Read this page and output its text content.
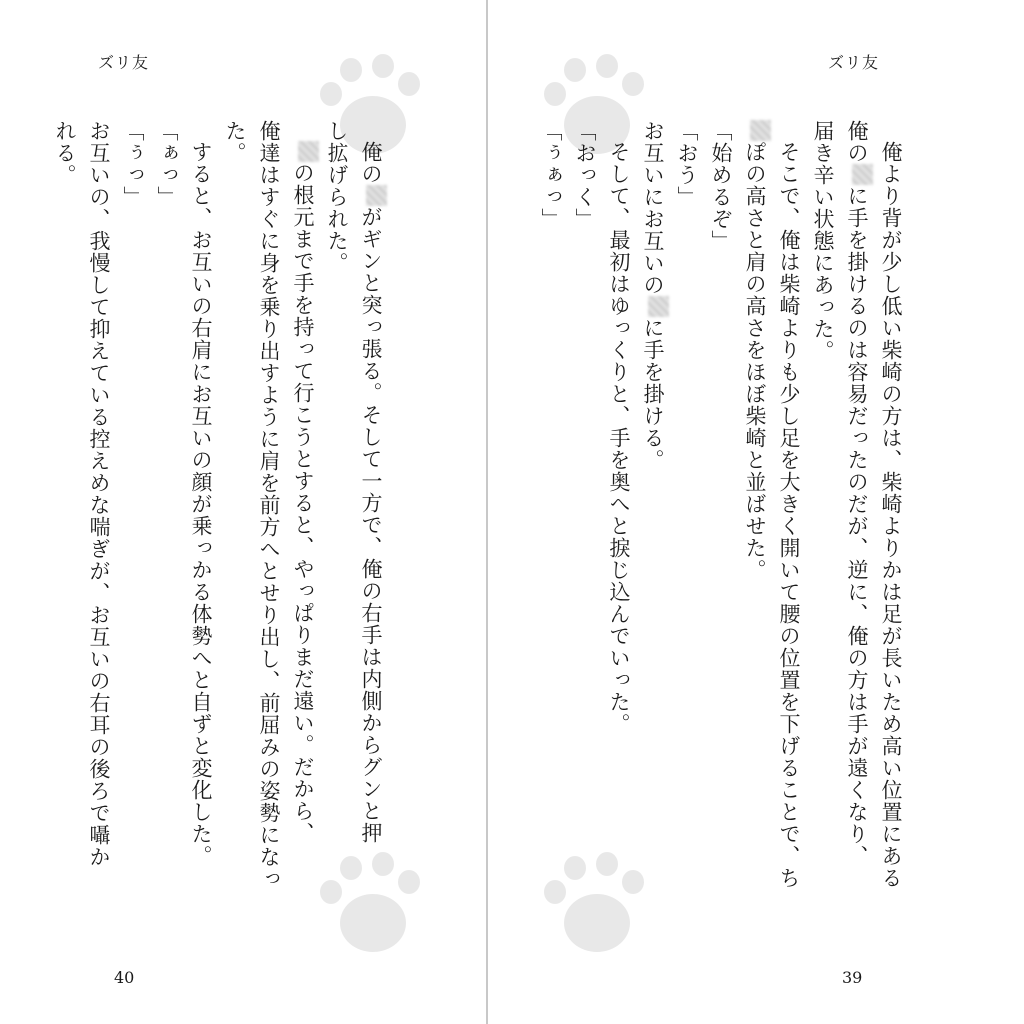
ズリ友
俺のがギンと突っ張る。そして一方で、俺の右手は内側からグンと押
し拡げられた。
の根元まで手を持って行こうとすると、やっぱりまだ遠い。だから、
俺達はすぐに身を乗り出すように肩を前方へとせり出し、前屈みの姿勢になっ
た。
すると、お互いの右肩にお互いの顔が乗っかる体勢へと自ずと変化した。
「ぁっ」
「ぅっ」
お互いの、我慢して抑えている控えめな喘ぎが、お互いの右耳の後ろで囁か
れる。
40
ズリ友
俺より背が少し低い柴崎の方は、柴崎よりかは足が長いため高い位置にある
俺のに手を掛けるのは容易だったのだが、逆に、俺の方は手が遠くなり、
届き辛い状態にあった。
そこで、俺は柴崎よりも少し足を大きく開いて腰の位置を下げることで、ち
ぽの高さと肩の高さをほぼ柴崎と並ばせた。
「始めるぞ」
「おう」
お互いにお互いのに手を掛ける。
そして、最初はゆっくりと、手を奥へと捩じ込んでいった。
「おっく」
「ぅぁっ」
39
